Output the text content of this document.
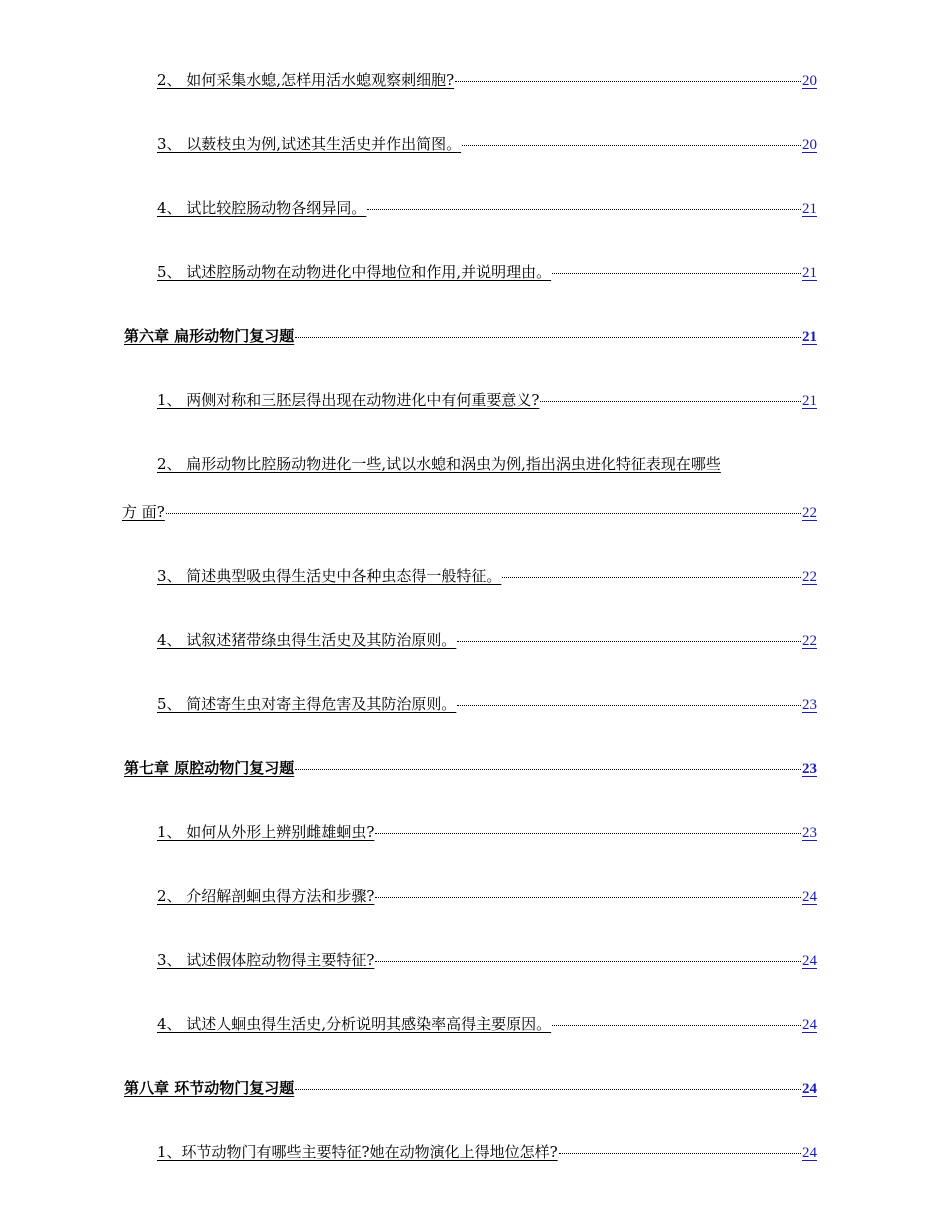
2、 如何采集水螅,怎样用活水螅观察刺细胞?	20
3、 以薮枝虫为例,试述其生活史并作出简图。	20
4、 试比较腔肠动物各纲异同。	21
5、 试述腔肠动物在动物进化中得地位和作用,并说明理由。	21
第六章 扁形动物门复习题	21
1、 两侧对称和三胚层得出现在动物进化中有何重要意义?	21
2、 扁形动物比腔肠动物进化一些,试以水螅和涡虫为例,指出涡虫进化特征表现在哪些
方 面?	22
3、 简述典型吸虫得生活史中各种虫态得一般特征。	22
4、 试叙述猪带绦虫得生活史及其防治原则。	22
5、 简述寄生虫对寄主得危害及其防治原则。	23
第七章 原腔动物门复习题	23
1、 如何从外形上辨别雌雄蛔虫?	23
2、 介绍解剖蛔虫得方法和步骤?	24
3、 试述假体腔动物得主要特征?	24
4、 试述人蛔虫得生活史,分析说明其感染率高得主要原因。	24
第八章 环节动物门复习题	24
1、环节动物门有哪些主要特征?她在动物演化上得地位怎样?	24
